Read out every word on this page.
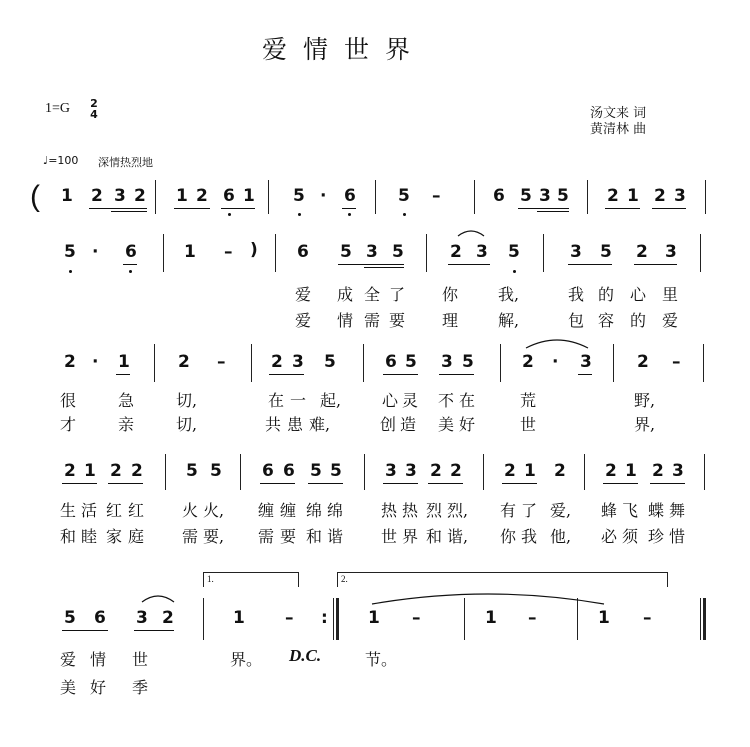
爱情世界
1=G 2
4	汤文来 词
黄清林 曲
♩=100 深情热烈地
( 1 2 3 2 1 2 6 1 5 · 6 5 –	6 5 3 5 2 1 2 3
5 · 6	1 – ) 6 5 3 5	2 3 5	3 5 2 3
爱 成 全 了 你 我,	我 的 心 里
爱 情 需 要 理 解,	包 容 的 爱
2 · 1	2 –	2 3 5	6 5 3 5	2 · 3	2 –
很	急	切,	在 一 起,	心 灵 不 在	荒	野,
才	亲	切,	共 患 难,	创 造 美 好	世	界,
2 1 2 2	5 5 6 6 5 5	3 3 2 2 2 1 2 2 1 2 3
生 活 红 红 火 火, 缠 缠 绵 绵 热 热 烈 烈, 有 了 爱, 蜂 飞 蝶 舞
和 睦 家 庭 需 要, 需 要 和 谐 世 界 和 谐, 你 我 他, 必 须 珍 惜
1.	2.
5 6 3 2	1 – : 1 –	1 –	1 –
爱 情 世	界。 D.C.	节。
美 好 季
